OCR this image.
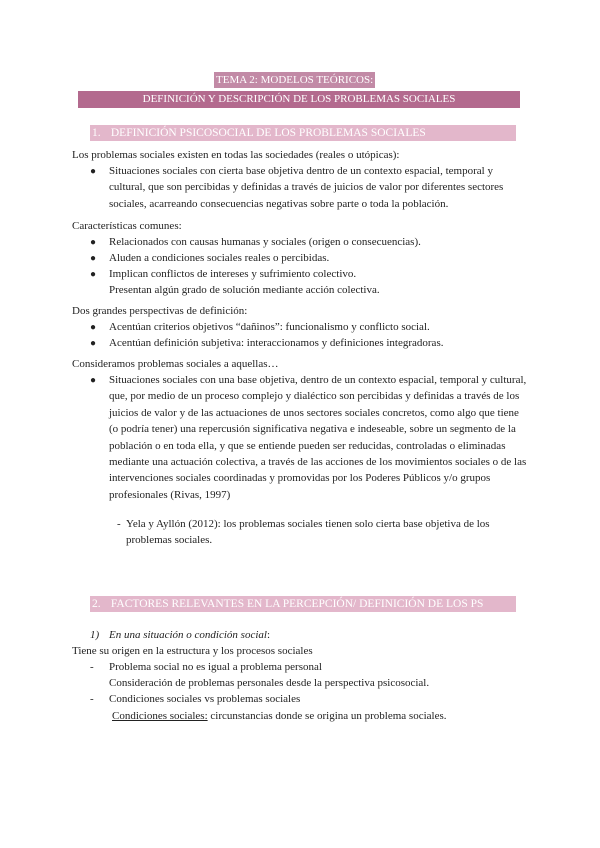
TEMA 2: MODELOS TEÓRICOS:
DEFINICIÓN Y DESCRIPCIÓN DE LOS PROBLEMAS SOCIALES
1. DEFINICIÓN PSICOSOCIAL DE LOS PROBLEMAS SOCIALES
Los problemas sociales existen en todas las sociedades (reales o utópicas):
● Situaciones sociales con cierta base objetiva dentro de un contexto espacial, temporal y cultural, que son percibidas y definidas a través de juicios de valor por diferentes sectores sociales, acarreando consecuencias negativas sobre parte o toda la población.
Características comunes:
● Relacionados con causas humanas y sociales (origen o consecuencias).
● Aluden a condiciones sociales reales o percibidas.
● Implican conflictos de intereses y sufrimiento colectivo.
Presentan algún grado de solución mediante acción colectiva.
Dos grandes perspectivas de definición:
● Acentúan criterios objetivos “dañinos”: funcionalismo y conflicto social.
● Acentúan definición subjetiva: interaccionamos y definiciones integradoras.
Consideramos problemas sociales a aquellas…
● Situaciones sociales con una base objetiva, dentro de un contexto espacial, temporal y cultural, que, por medio de un proceso complejo y dialéctico son percibidas y definidas a través de los juicios de valor y de las actuaciones de unos sectores sociales concretos, como algo que tiene (o podría tener) una repercusión significativa negativa e indeseable, sobre un segmento de la población o en toda ella, y que se entiende pueden ser reducidas, controladas o eliminadas mediante una actuación colectiva, a través de las acciones de los movimientos sociales o de las intervenciones sociales coordinadas y promovidas por los Poderes Públicos y/o grupos profesionales (Rivas, 1997)
- Yela y Ayllón (2012): los problemas sociales tienen solo cierta base objetiva de los problemas sociales.
2. FACTORES RELEVANTES EN LA PERCEPCIÓN/ DEFINICIÓN DE LOS PS
1) En una situación o condición social:
Tiene su origen en la estructura y los procesos sociales
- Problema social no es igual a problema personal
Consideración de problemas personales desde la perspectiva psicosocial.
- Condiciones sociales vs problemas sociales
Condiciones sociales: circunstancias donde se origina un problema sociales.
